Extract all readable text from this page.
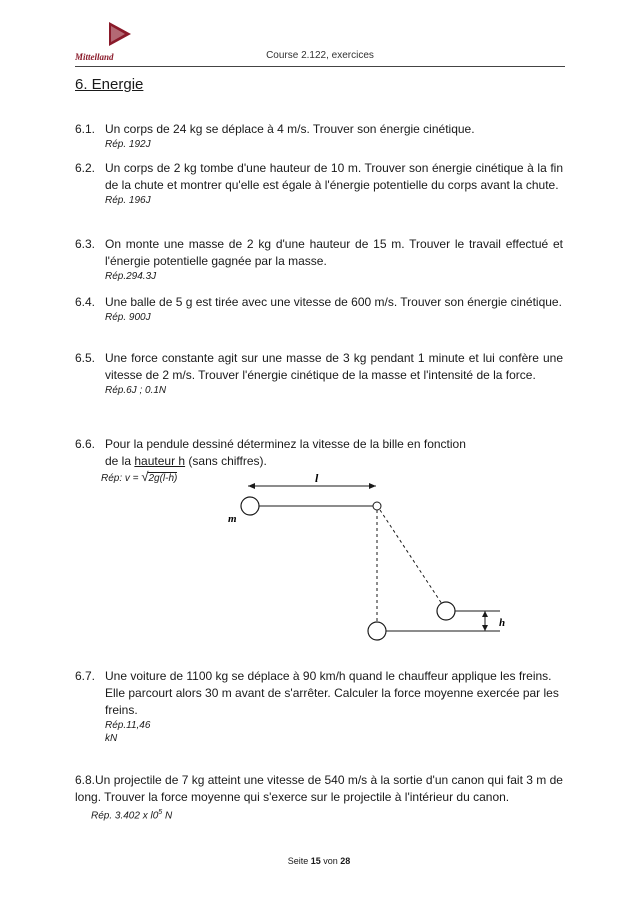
Mittelland	Course 2.122, exercices
6. Energie
6.1. Un corps de 24 kg se déplace à 4 m/s. Trouver son énergie cinétique.
Rép. 192J
6.2. Un corps de 2 kg tombe d'une hauteur de 10 m. Trouver son énergie cinétique à la fin de la chute et montrer qu'elle est égale à l'énergie potentielle du corps avant la chute.
Rép. 196J
6.3. On monte une masse de 2 kg d'une hauteur de 15 m. Trouver le travail effectué et l'énergie potentielle gagnée par la masse.
Rép.294.3J
6.4. Une balle de 5 g est tirée avec une vitesse de 600 m/s. Trouver son énergie cinétique.
Rép. 900J
6.5. Une force constante agit sur une masse de 3 kg pendant 1 minute et lui confère une vitesse de 2 m/s. Trouver l'énergie cinétique de la masse et l'intensité de la force.
Rép.6J ; 0.1N
6.6. Pour la pendule dessiné déterminez la vitesse de la bille en fonction
de la hauteur h (sans chiffres).
Rép: v = √2g(l-h)	l
m
h
6.7. Une voiture de 1100 kg se déplace à 90 km/h quand le chauffeur applique les freins. Elle parcourt alors 30 m avant de s'arrêter. Calculer la force moyenne exercée par les freins.
Rép.11,46
kN
6.8.Un projectile de 7 kg atteint une vitesse de 540 m/s à la sortie d'un canon qui fait 3 m de long. Trouver la force moyenne qui s'exerce sur le projectile à l'intérieur du canon.
Rép. 3.402 x $l0^5$ N
Seite 15 von 28
